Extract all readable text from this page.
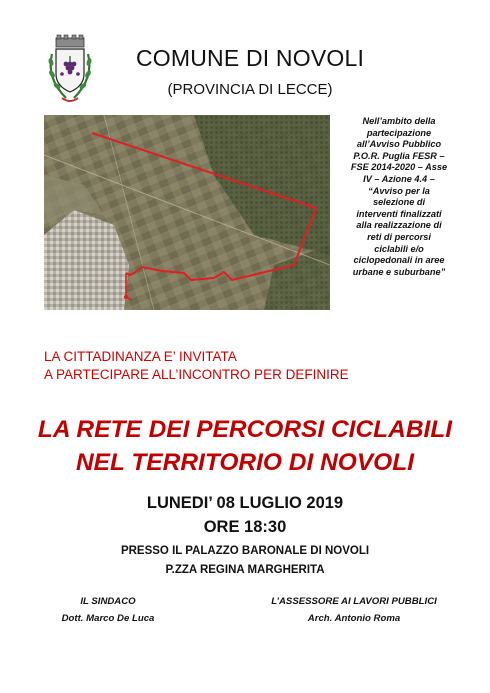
COMUNE DI NOVOLI
(PROVINCIA DI LECCE)
Nell’ambito della
partecipazione
all’Avviso Pubblico
P.O.R. Puglia FESR –
FSE 2014-2020 – Asse
IV – Azione 4.4 –
“Avviso per la
selezione di
interventi finalizzati
alla realizzazione di
reti di percorsi
ciclabili e/o
ciclopedonali in aree
urbane e suburbane”
LA CITTADINANZA E’ INVITATA
A PARTECIPARE ALL’INCONTRO PER DEFINIRE
LA RETE DEI PERCORSI CICLABILI
NEL TERRITORIO DI NOVOLI
LUNEDI’ 08 LUGLIO 2019
ORE 18:30
PRESSO IL PALAZZO BARONALE DI NOVOLI
P.ZZA REGINA MARGHERITA
IL SINDACO
Dott. Marco De Luca
L’ASSESSORE AI LAVORI PUBBLICI
Arch. Antonio Roma
